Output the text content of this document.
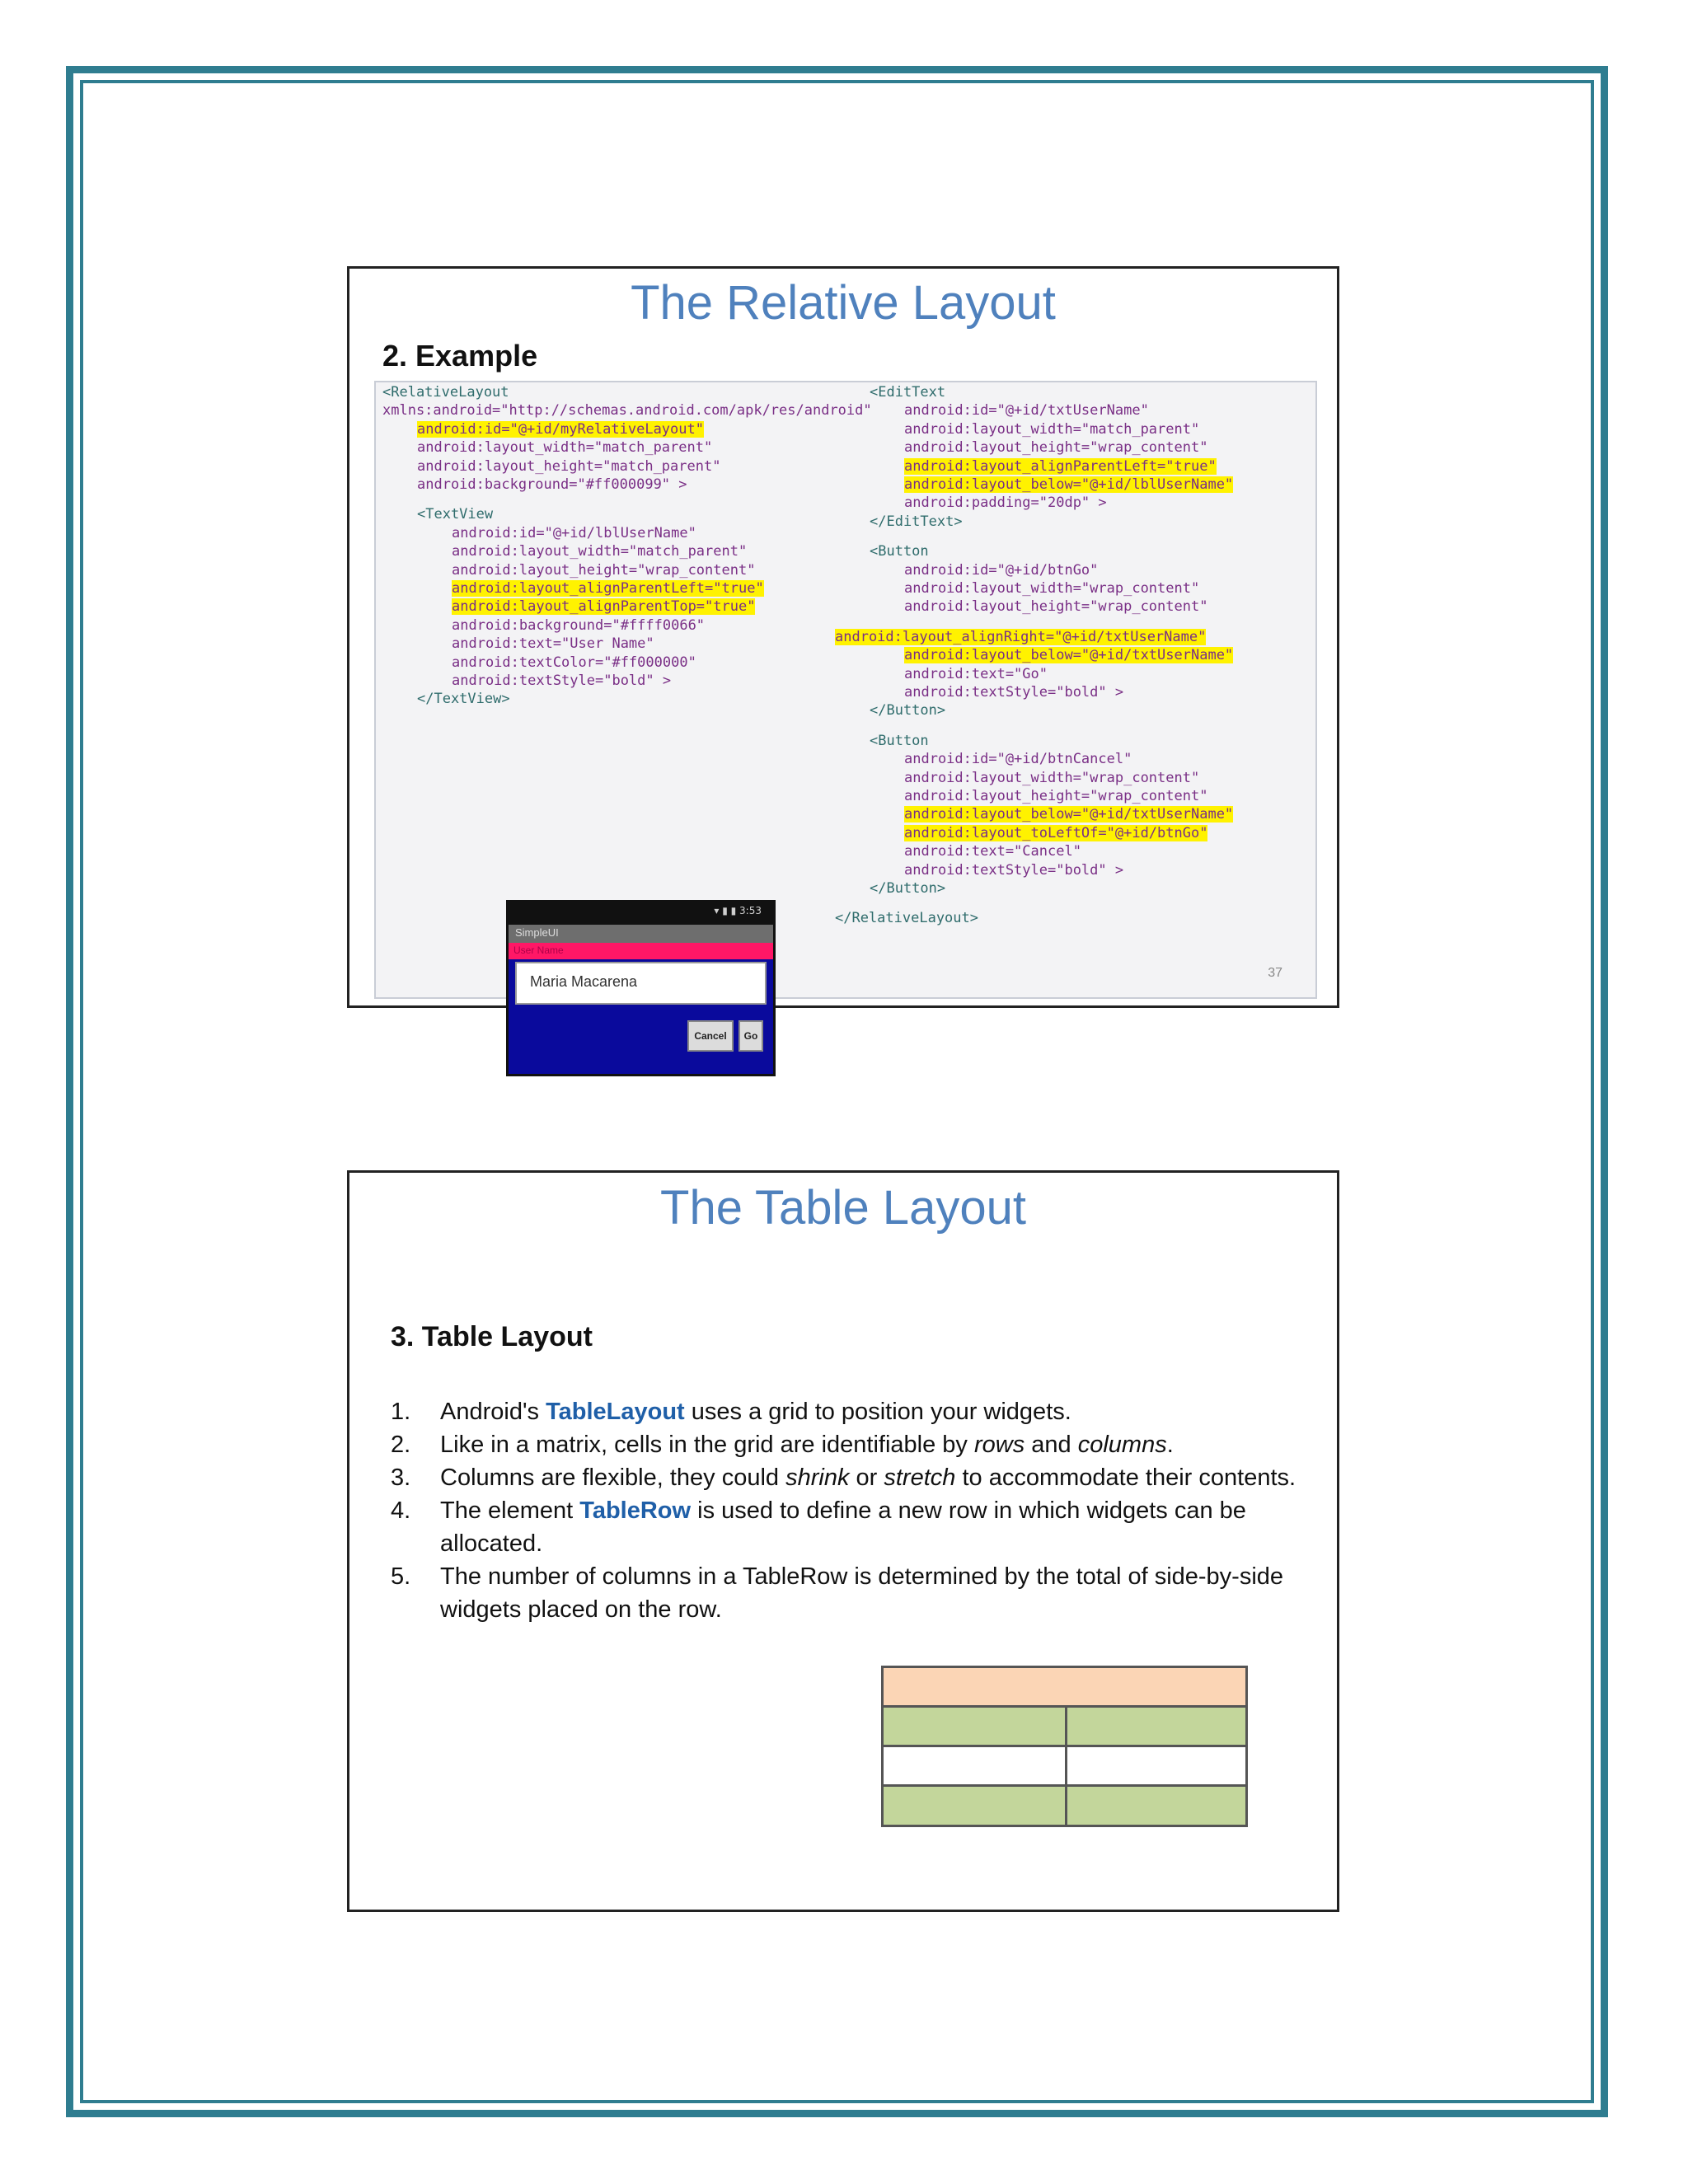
The Relative Layout
2. Example
▾ ▮ ▮ 3:53
SimpleUI
User Name
Maria Macarena
Cancel	Go
37
<RelativeLayout
xmlns:android="http://schemas.android.com/apk/res/android"
android:id="@+id/myRelativeLayout"
android:layout_width="match_parent"
android:layout_height="match_parent"
android:background="#ff000099" >
<TextView
android:id="@+id/lblUserName"
android:layout_width="match_parent"
android:layout_height="wrap_content"
android:layout_alignParentLeft="true"
android:layout_alignParentTop="true"
android:background="#ffff0066"
android:text="User Name"
android:textColor="#ff000000"
android:textStyle="bold" >
</TextView>
<EditText
android:id="@+id/txtUserName"
android:layout_width="match_parent"
android:layout_height="wrap_content"
android:layout_alignParentLeft="true"
android:layout_below="@+id/lblUserName"
android:padding="20dp" >
</EditText>
<Button
android:id="@+id/btnGo"
android:layout_width="wrap_content"
android:layout_height="wrap_content"
android:layout_alignRight="@+id/txtUserName"
android:layout_below="@+id/txtUserName"
android:text="Go"
android:textStyle="bold" >
</Button>
<Button
android:id="@+id/btnCancel"
android:layout_width="wrap_content"
android:layout_height="wrap_content"
android:layout_below="@+id/txtUserName"
android:layout_toLeftOf="@+id/btnGo"
android:text="Cancel"
android:textStyle="bold" >
</Button>
</RelativeLayout>
The Table Layout
3. Table Layout
1. Android's TableLayout uses a grid to position your widgets.
2. Like in a matrix, cells in the grid are identifiable by rows and columns.
3. Columns are flexible, they could shrink or stretch to accommodate their contents.
4. The element TableRow is used to define a new row in which widgets can be allocated.
5. The number of columns in a TableRow is determined by the total of side-by-side widgets placed on the row.
